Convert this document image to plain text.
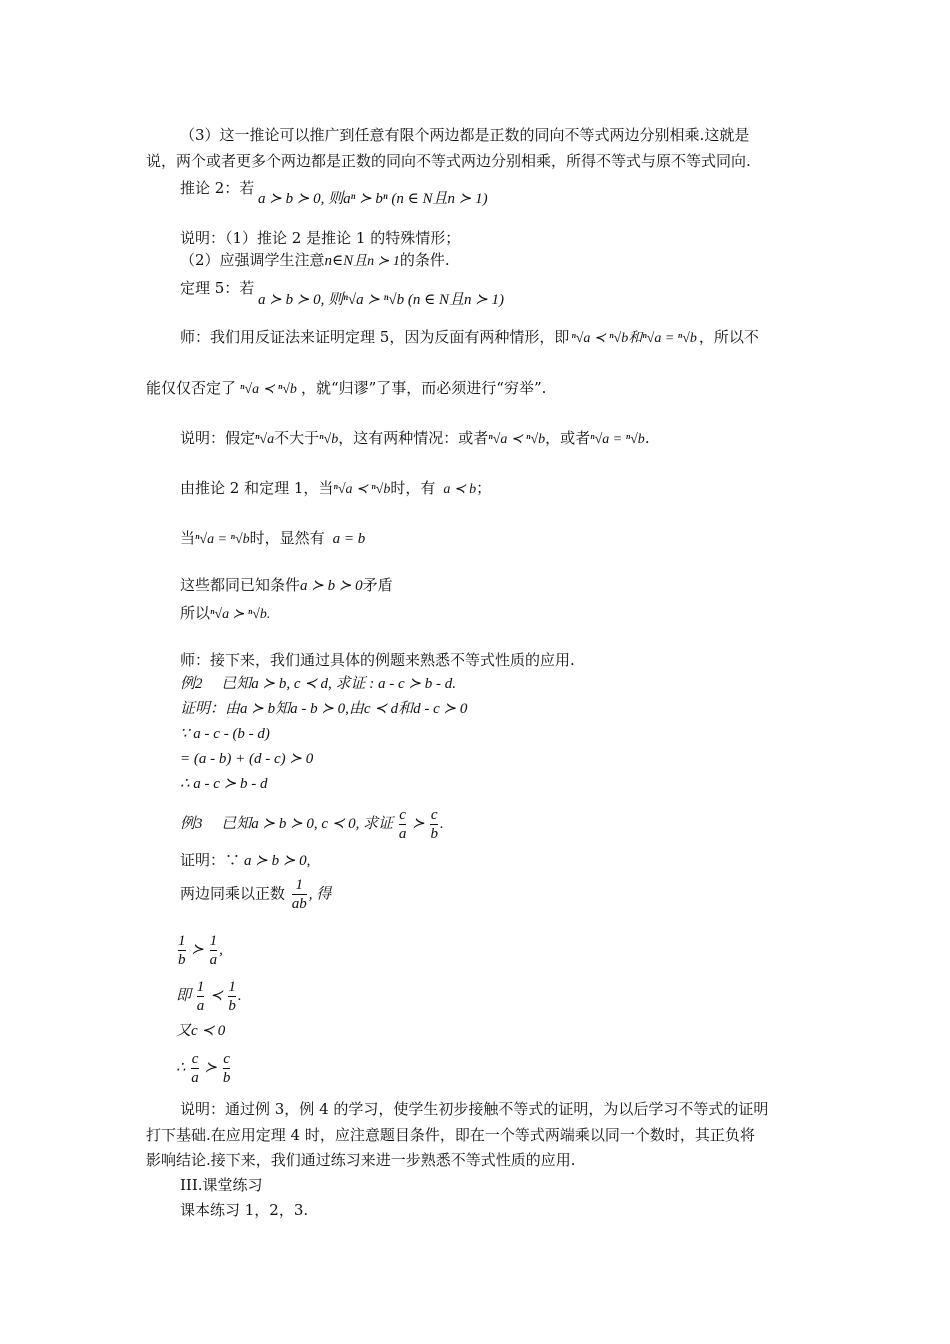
（3）这一推论可以推广到任意有限个两边都是正数的同向不等式两边分别相乘.这就是
说，两个或者更多个两边都是正数的同向不等式两边分别相乘，所得不等式与原不等式同向.
推论 2：若
a ≻ b ≻ 0, 则aⁿ ≻ bⁿ (n ∈ N且n ≻ 1)
说明：（1）推论 2 是推论 1 的特殊情形；
（2）应强调学生注意n∈N且n ≻ 1的条件.
定理 5：若
a ≻ b ≻ 0, 则ⁿ√a ≻ ⁿ√b (n ∈ N且n ≻ 1)
师：我们用反证法来证明定理 5，因为反面有两种情形，即 ⁿ√a ≺ ⁿ√b和ⁿ√a = ⁿ√b ，所以不
能仅仅否定了 ⁿ√a ≺ ⁿ√b ，就“归谬”了事，而必须进行“穷举”.
说明：假定ⁿ√a不大于ⁿ√b，这有两种情况：或者ⁿ√a ≺ ⁿ√b，或者ⁿ√a = ⁿ√b.
由推论 2 和定理 1，当ⁿ√a ≺ ⁿ√b时，有 a ≺ b；
当ⁿ√a = ⁿ√b时，显然有 a = b
这些都同已知条件a ≻ b ≻ 0矛盾
所以ⁿ√a ≻ ⁿ√b.
师：接下来，我们通过具体的例题来熟悉不等式性质的应用.
例2　 已知a ≻ b, c ≺ d, 求证 : a - c ≻ b - d.
证明：由a ≻ b知a - b ≻ 0,由c ≺ d和d - c ≻ 0
∵ a - c - (b - d)
= (a - b) + (d - c) ≻ 0
∴ a - c ≻ b - d
例3　 已知a ≻ b ≻ 0, c ≺ 0, 求证 $\frac{c}{a}$ ≻ $\frac{c}{b}$ .
证明：∵ a ≻ b ≻ 0,
两边同乘以正数 $\frac{1}{ab}$ , 得
$\frac{1}{b}$ ≻ $\frac{1}{a}$ ,
即 $\frac{1}{a}$ ≺ $\frac{1}{b}$ .
又c ≺ 0
∴ $\frac{c}{a}$ ≻ $\frac{c}{b}$
说明：通过例 3，例 4 的学习，使学生初步接触不等式的证明，为以后学习不等式的证明
打下基础.在应用定理 4 时，应注意题目条件，即在一个等式两端乘以同一个数时，其正负将
影响结论.接下来，我们通过练习来进一步熟悉不等式性质的应用.
III.课堂练习
课本练习 1，2，3.
